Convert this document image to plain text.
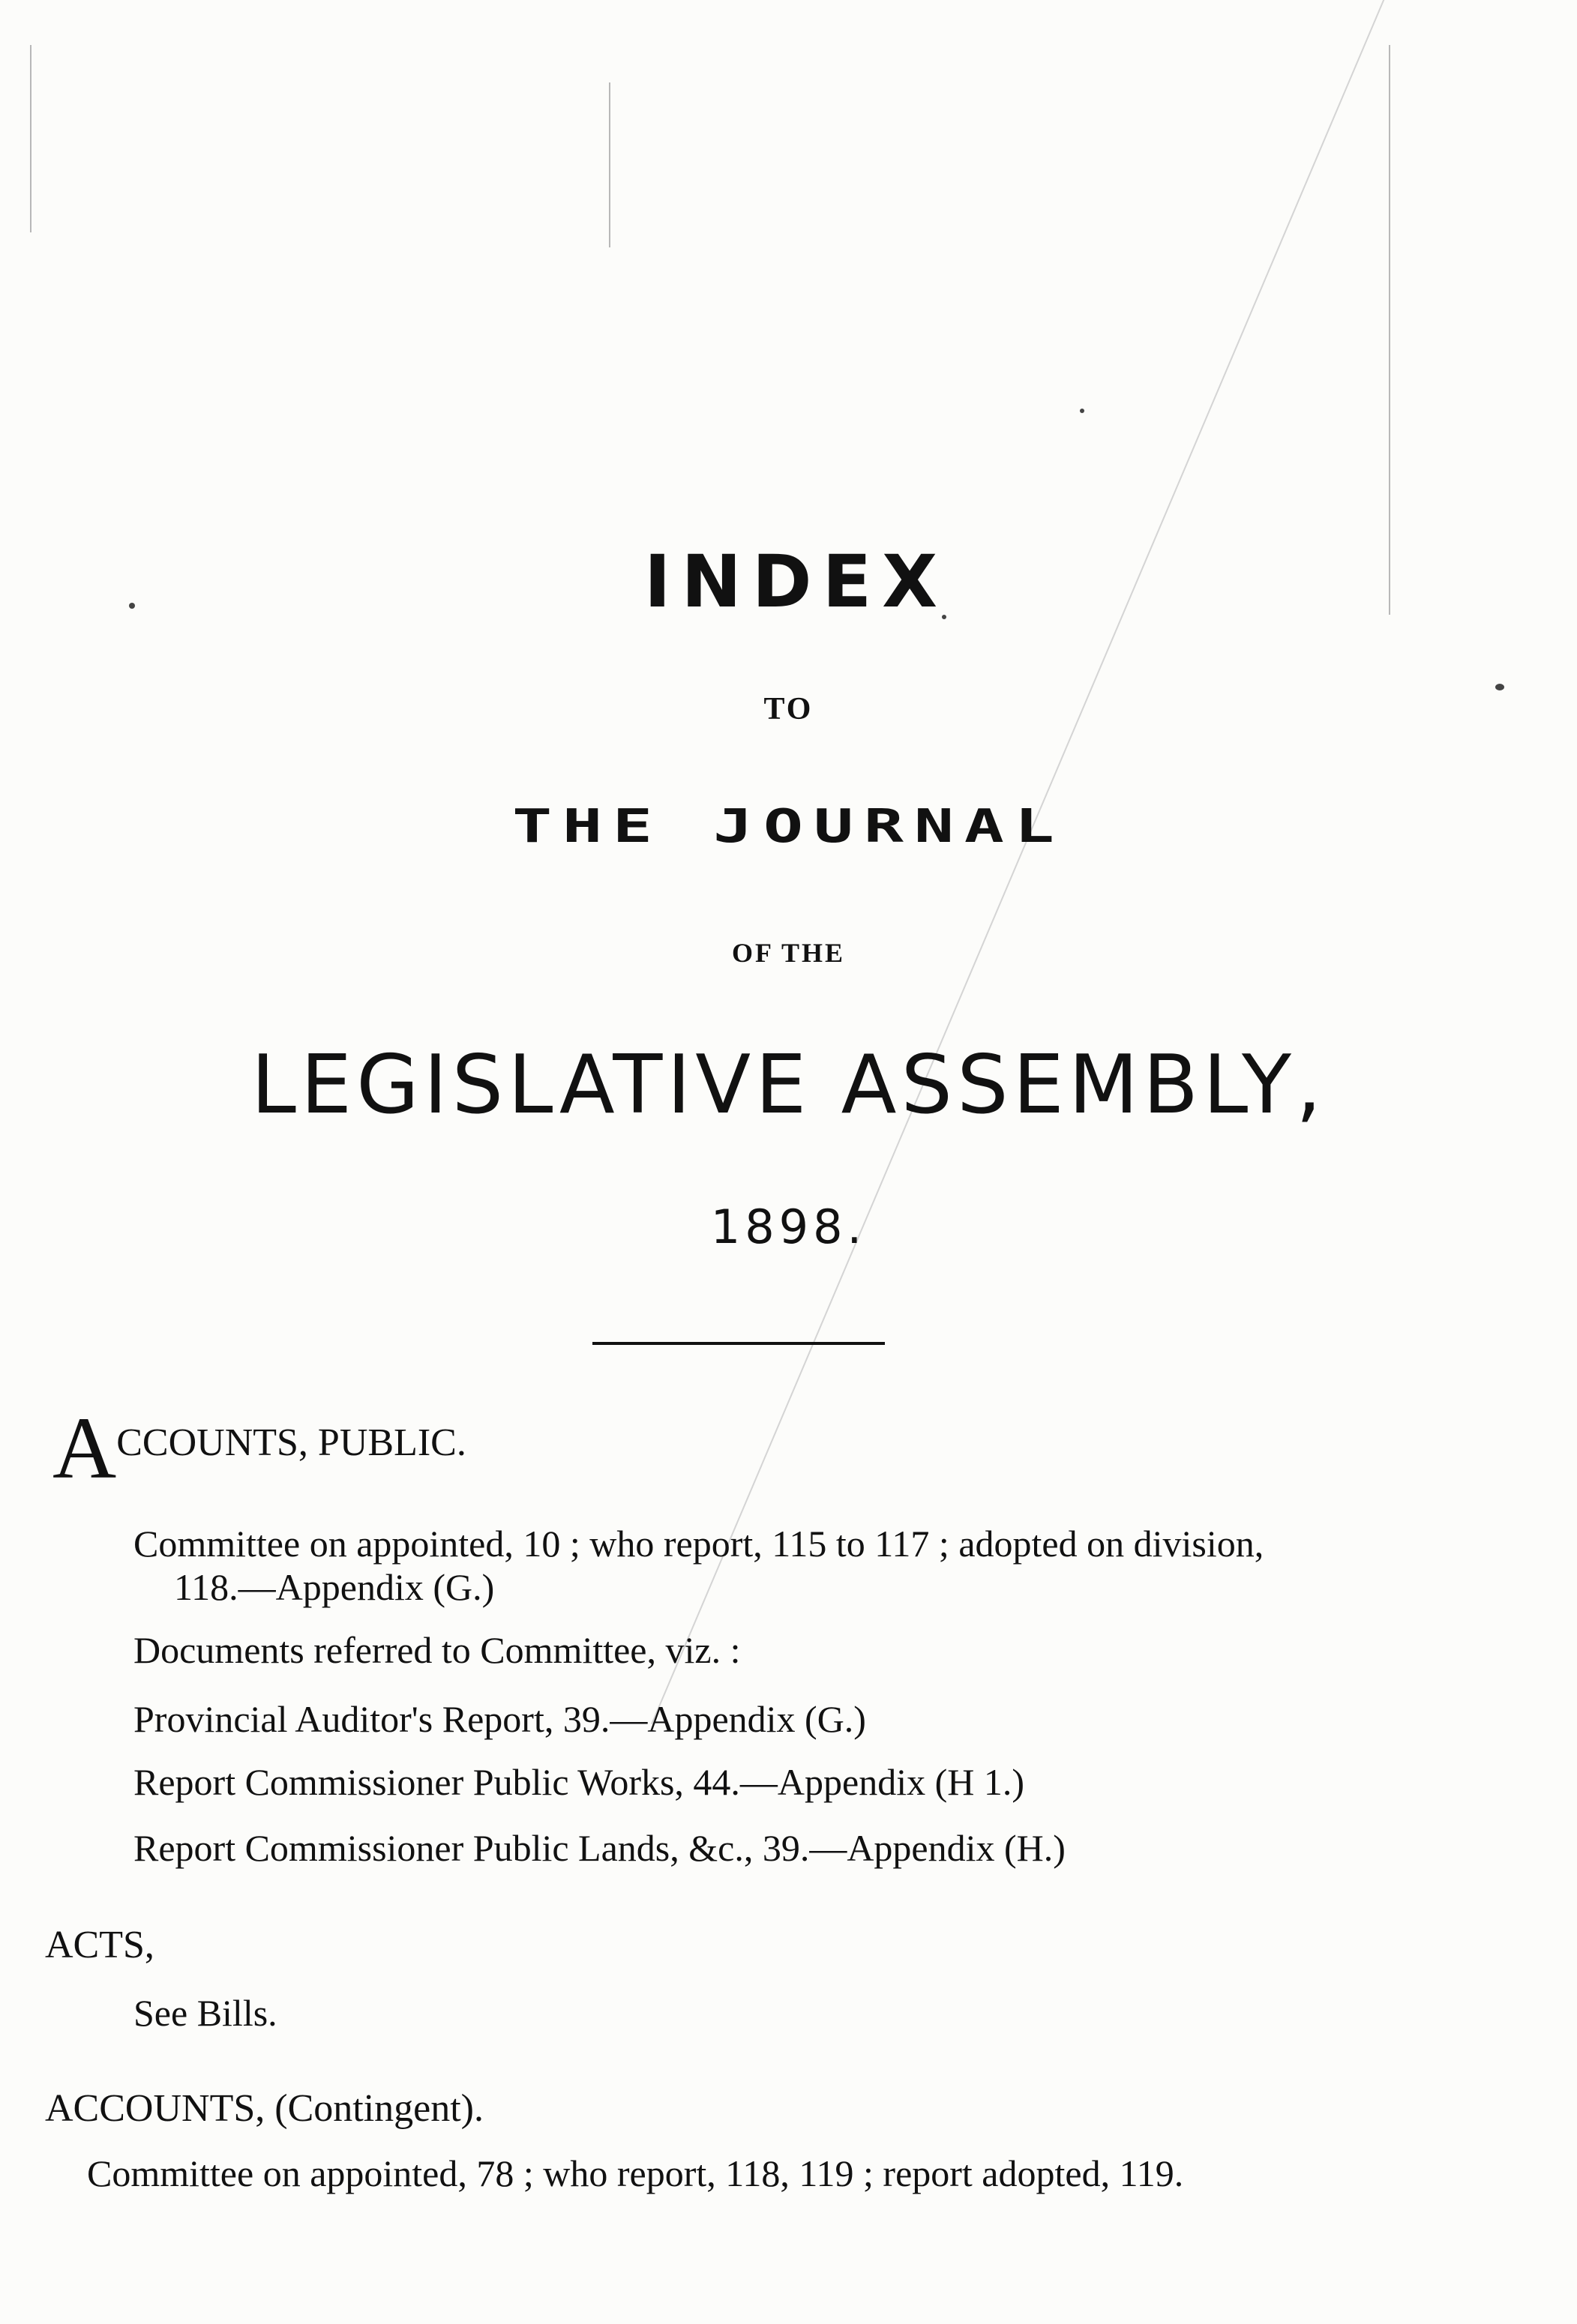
INDEX
TO
THE JOURNAL
OF THE
LEGISLATIVE ASSEMBLY,
1898.
ACCOUNTS, PUBLIC.
Committee on appointed, 10 ; who report, 115 to 117 ; adopted on division,
118.—Appendix (G.)
Documents referred to Committee, viz. :
Provincial Auditor's Report, 39.—Appendix (G.)
Report Commissioner Public Works, 44.—Appendix (H 1.)
Report Commissioner Public Lands, &c., 39.—Appendix (H.)
ACTS,
See Bills.
ACCOUNTS, (Contingent).
Committee on appointed, 78 ; who report, 118, 119 ; report adopted, 119.
